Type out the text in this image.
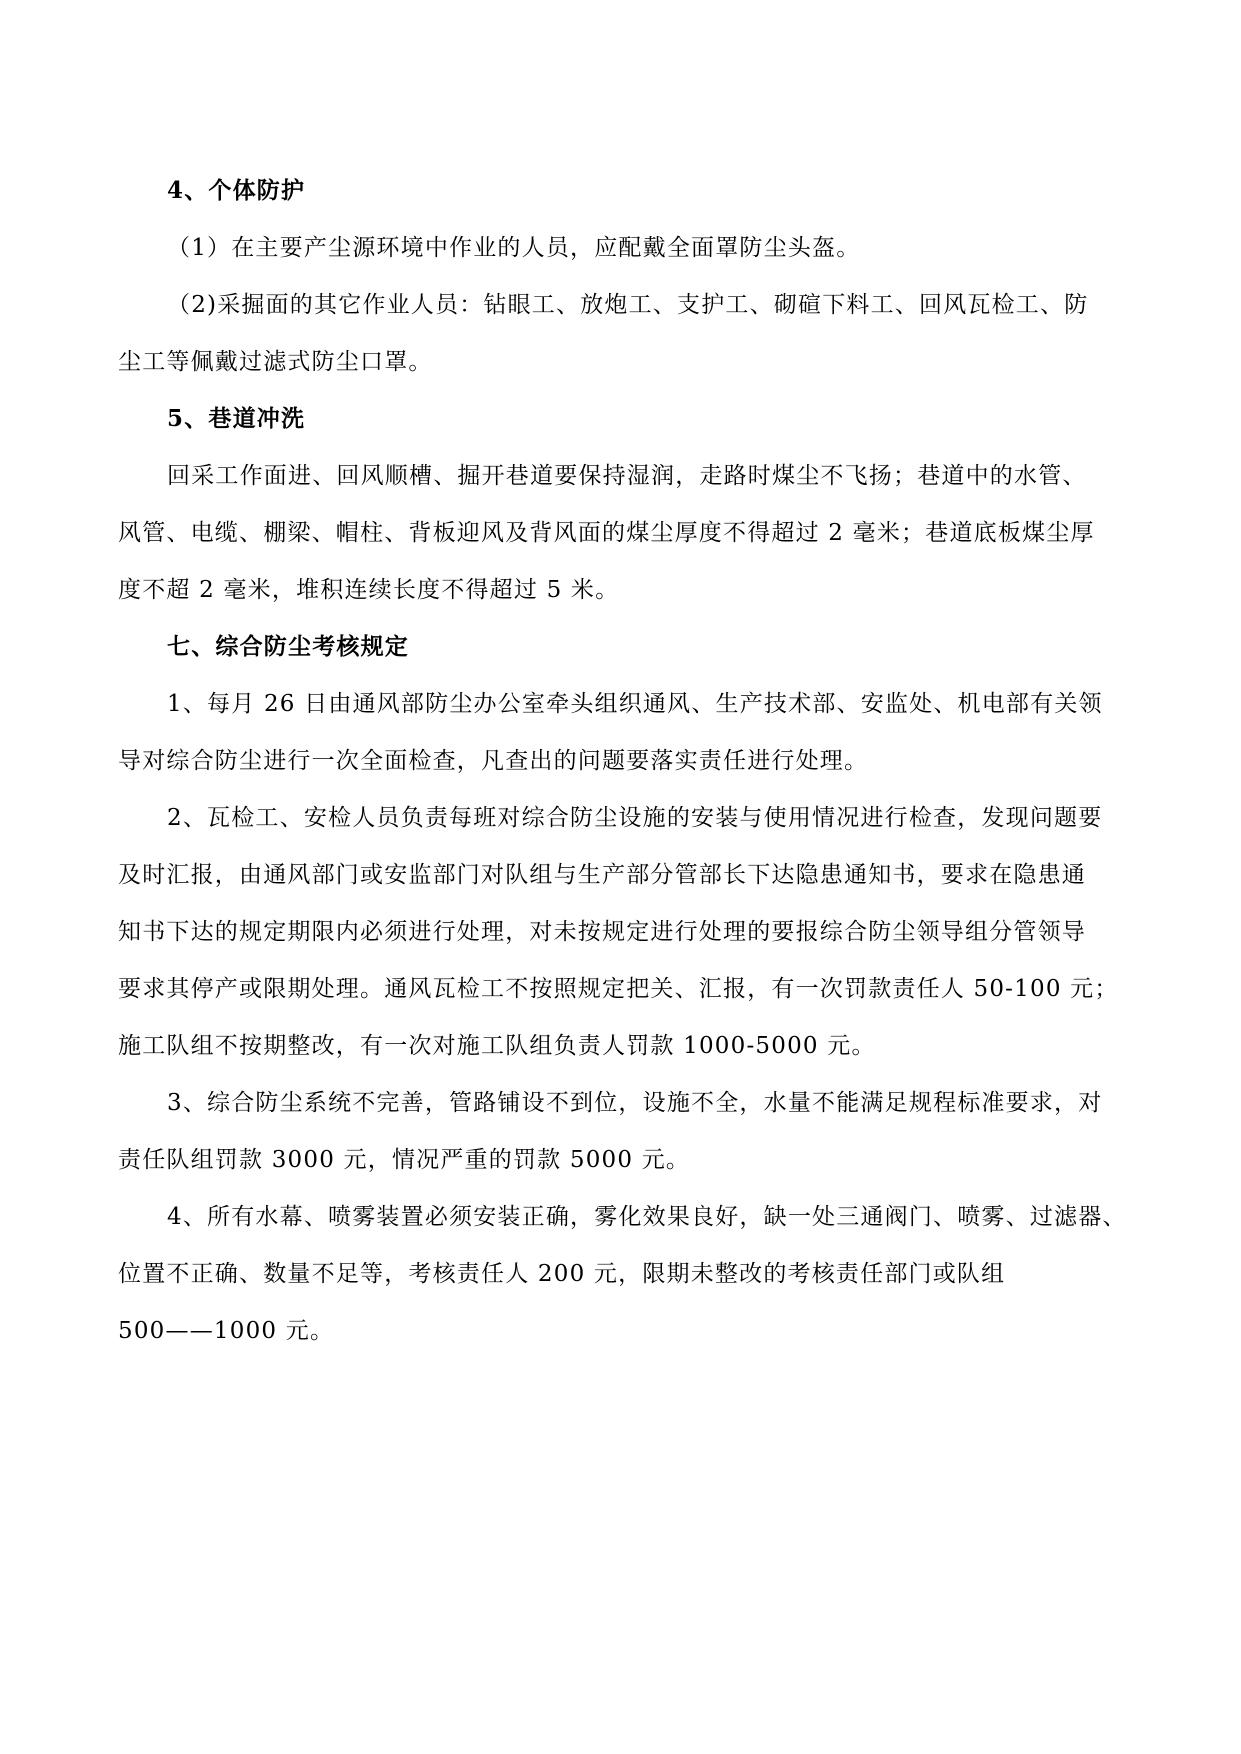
4、个体防护
（1）在主要产尘源环境中作业的人员，应配戴全面罩防尘头盔。
（2)采掘面的其它作业人员：钻眼工、放炮工、支护工、砌碹下料工、回风瓦检工、防
尘工等佩戴过滤式防尘口罩。
5、巷道冲洗
回采工作面进、回风顺槽、掘开巷道要保持湿润，走路时煤尘不飞扬；巷道中的水管、
风管、电缆、棚梁、帽柱、背板迎风及背风面的煤尘厚度不得超过 2 毫米；巷道底板煤尘厚
度不超 2 毫米，堆积连续长度不得超过 5 米。
七、综合防尘考核规定
1、每月 26 日由通风部防尘办公室牵头组织通风、生产技术部、安监处、机电部有关领
导对综合防尘进行一次全面检查，凡查出的问题要落实责任进行处理。
2、瓦检工、安检人员负责每班对综合防尘设施的安装与使用情况进行检查，发现问题要
及时汇报，由通风部门或安监部门对队组与生产部分管部长下达隐患通知书，要求在隐患通
知书下达的规定期限内必须进行处理，对未按规定进行处理的要报综合防尘领导组分管领导
要求其停产或限期处理。通风瓦检工不按照规定把关、汇报，有一次罚款责任人 50-100 元；
施工队组不按期整改，有一次对施工队组负责人罚款 1000-5000 元。
3、综合防尘系统不完善，管路铺设不到位，设施不全，水量不能满足规程标准要求，对
责任队组罚款 3000 元，情况严重的罚款 5000 元。
4、所有水幕、喷雾装置必须安装正确，雾化效果良好，缺一处三通阀门、喷雾、过滤器、
位置不正确、数量不足等，考核责任人 200 元，限期未整改的考核责任部门或队组
500——1000 元。
